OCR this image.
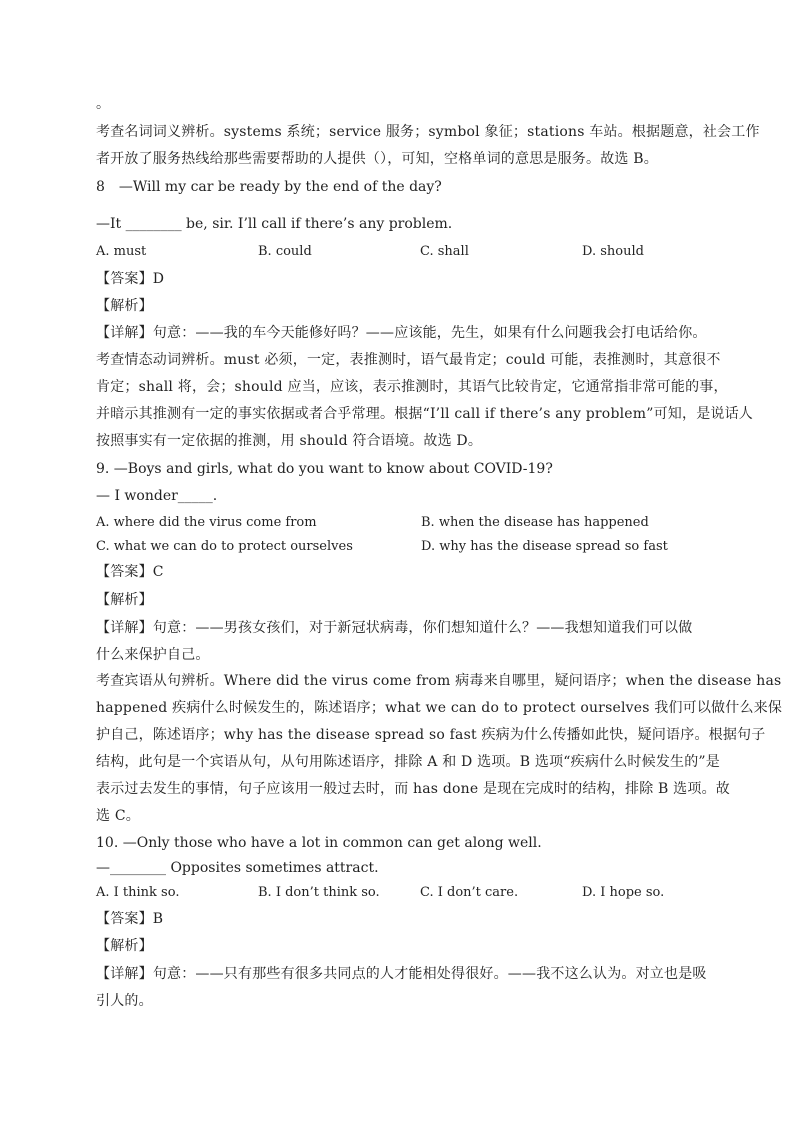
。
考查名词词义辨析。systems 系统；service 服务；symbol 象征；stations 车站。根据题意，社会工作
者开放了服务热线给那些需要帮助的人提供（），可知，空格单词的意思是服务。故选 B。
8　—Will my car be ready by the end of the day?
—It ________ be, sir. I’ll call if there’s any problem.
A. must	B. could	C. shall	D. should
【答案】D
【解析】
【详解】句意：——我的车今天能修好吗？——应该能，先生，如果有什么问题我会打电话给你。
考查情态动词辨析。must 必须，一定，表推测时，语气最肯定；could 可能，表推测时，其意很不
肯定；shall 将，会；should 应当，应该，表示推测时，其语气比较肯定，它通常指非常可能的事，
并暗示其推测有一定的事实依据或者合乎常理。根据“I’ll call if there’s any problem”可知，是说话人
按照事实有一定依据的推测，用 should 符合语境。故选 D。
9. —Boys and girls, what do you want to know about COVID-19?
— I wonder_____.
A. where did the virus come from	B. when the disease has happened
C. what we can do to protect ourselves	D. why has the disease spread so fast
【答案】C
【解析】
【详解】句意：——男孩女孩们，对于新冠状病毒，你们想知道什么？——我想知道我们可以做
什么来保护自己。
考查宾语从句辨析。Where did the virus come from 病毒来自哪里，疑问语序；when the disease has
happened 疾病什么时候发生的，陈述语序；what we can do to protect ourselves 我们可以做什么来保
护自己，陈述语序；why has the disease spread so fast 疾病为什么传播如此快，疑问语序。根据句子
结构，此句是一个宾语从句，从句用陈述语序，排除 A 和 D 选项。B 选项“疾病什么时候发生的”是
表示过去发生的事情，句子应该用一般过去时，而 has done 是现在完成时的结构，排除 B 选项。故
选 C。
10. —Only those who have a lot in common can get along well.
—________ Opposites sometimes attract.
A. I think so.	B. I don’t think so.	C. I don’t care.	D. I hope so.
【答案】B
【解析】
【详解】句意：——只有那些有很多共同点的人才能相处得很好。——我不这么认为。对立也是吸
引人的。
